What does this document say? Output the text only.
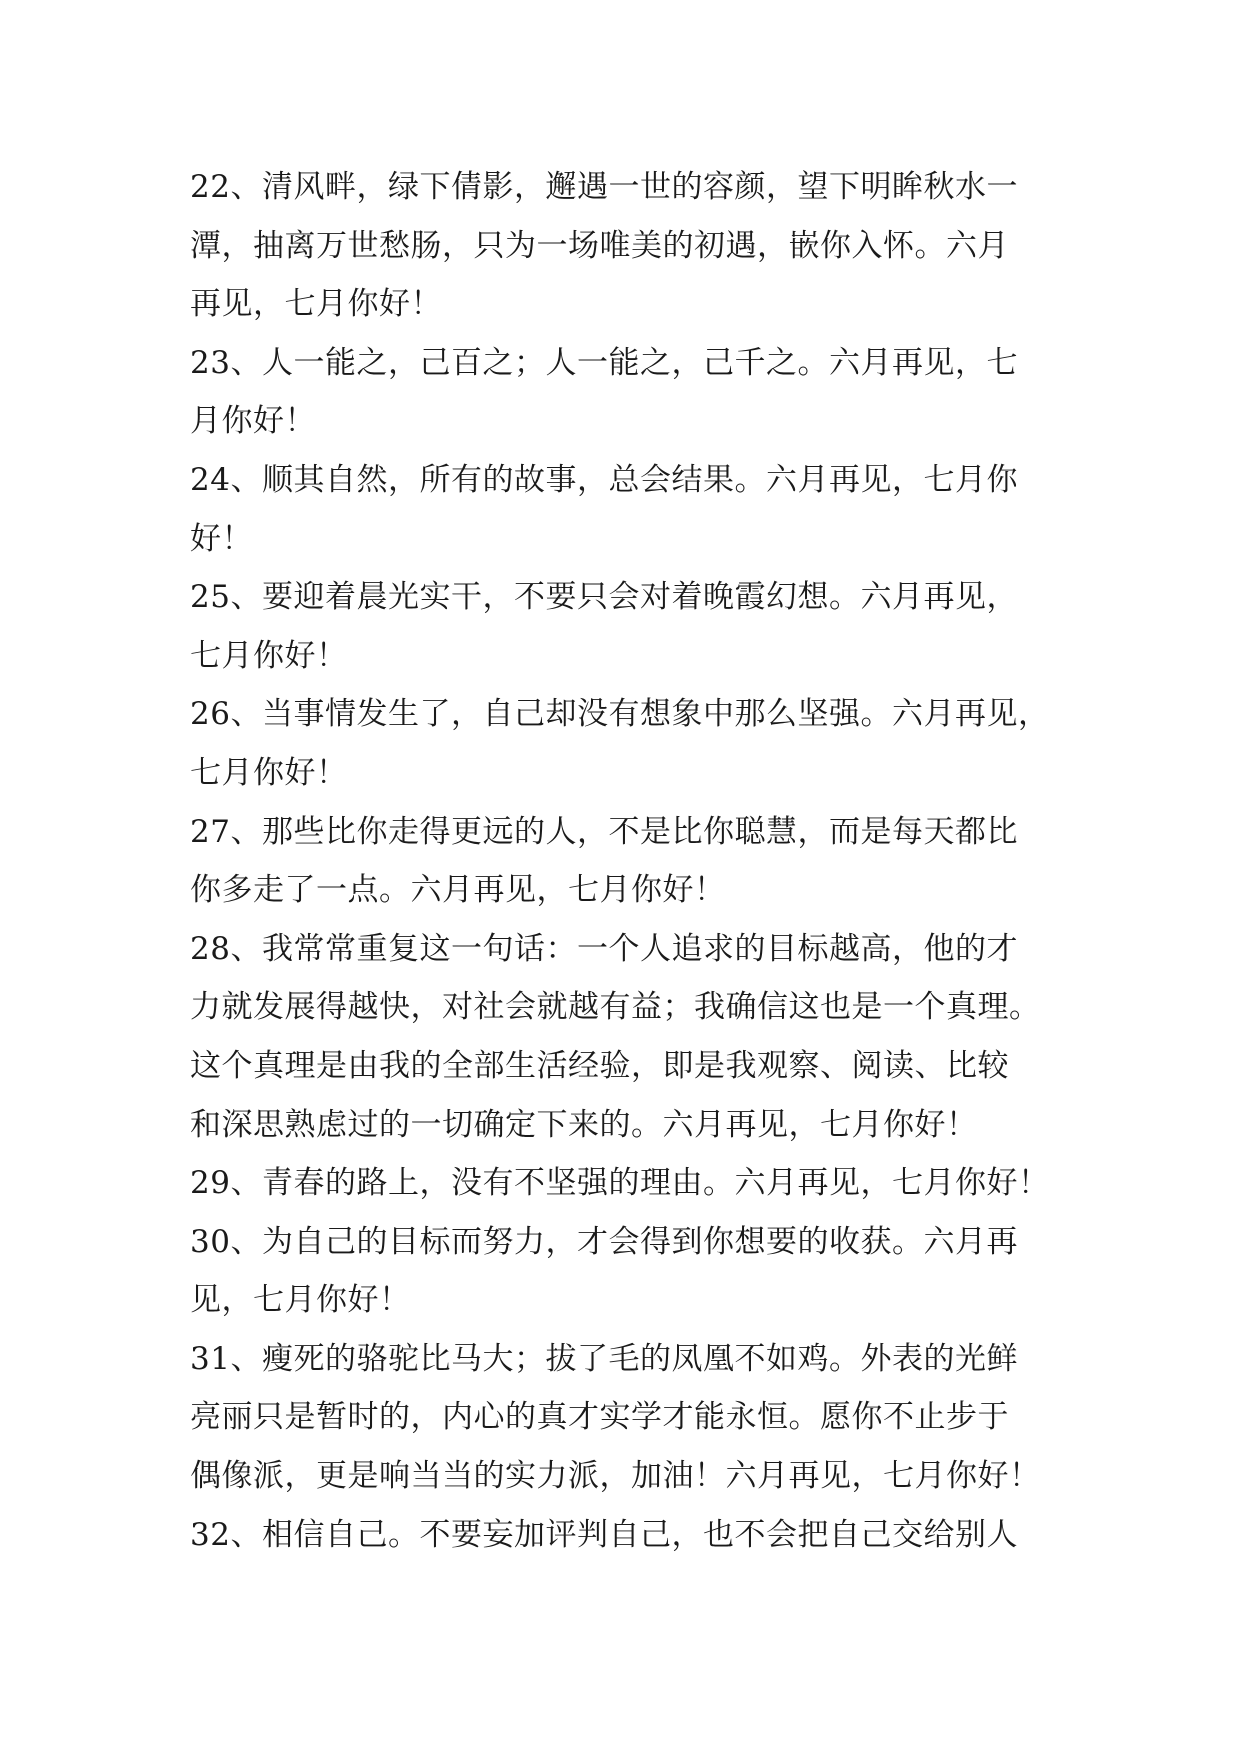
22、清风畔，绿下倩影，邂遇一世的容颜，望下明眸秋水一
潭，抽离万世愁肠，只为一场唯美的初遇，嵌你入怀。六月
再见，七月你好！
23、人一能之，己百之；人一能之，己千之。六月再见，七
月你好！
24、顺其自然，所有的故事，总会结果。六月再见，七月你
好！
25、要迎着晨光实干，不要只会对着晚霞幻想。六月再见，
七月你好！
26、当事情发生了，自己却没有想象中那么坚强。六月再见，
七月你好！
27、那些比你走得更远的人，不是比你聪慧，而是每天都比
你多走了一点。六月再见，七月你好！
28、我常常重复这一句话：一个人追求的目标越高，他的才
力就发展得越快，对社会就越有益；我确信这也是一个真理。
这个真理是由我的全部生活经验，即是我观察、阅读、比较
和深思熟虑过的一切确定下来的。六月再见，七月你好！
29、青春的路上，没有不坚强的理由。六月再见，七月你好！
30、为自己的目标而努力，才会得到你想要的收获。六月再
见，七月你好！
31、瘦死的骆驼比马大；拔了毛的凤凰不如鸡。外表的光鲜
亮丽只是暂时的，内心的真才实学才能永恒。愿你不止步于
偶像派，更是响当当的实力派，加油！六月再见，七月你好！
32、相信自己。不要妄加评判自己，也不会把自己交给别人
